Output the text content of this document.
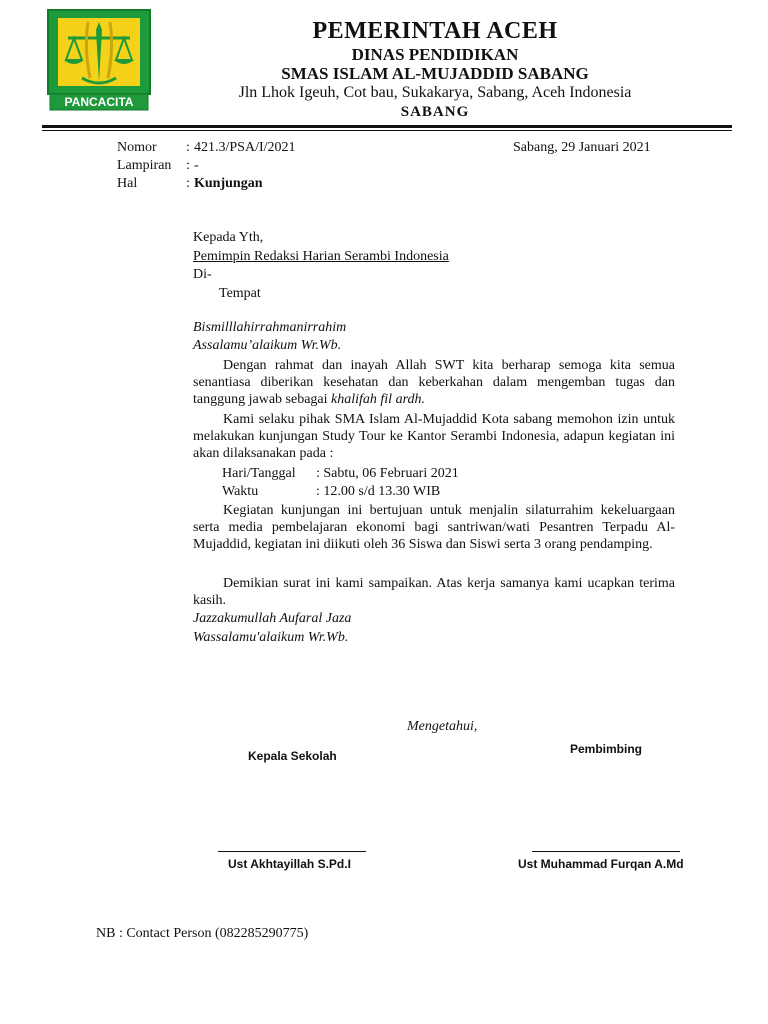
PANCACITA
PEMERINTAH ACEH
DINAS PENDIDIKAN
SMAS ISLAM AL-MUJADDID SABANG
Jln Lhok Igeuh, Cot bau, Sukakarya, Sabang, Aceh Indonesia
SABANG
Nomor : 421.3/PSA/I/2021	Sabang, 29 Januari 2021
Lampiran : -
Hal	: Kunjungan
Kepada Yth,
Pemimpin Redaksi Harian Serambi Indonesia
Di-
Tempat
Bismilllahirrahmanirrahim
Assalamu’alaikum Wr.Wb.
Dengan rahmat dan inayah Allah SWT kita berharap semoga kita semua senantiasa diberikan kesehatan dan keberkahan dalam mengemban tugas dan tanggung jawab sebagai khalifah fil ardh.
Kami selaku pihak SMA Islam Al-Mujaddid Kota sabang memohon izin untuk melakukan kunjungan Study Tour ke Kantor Serambi Indonesia, adapun kegiatan ini akan dilaksanakan pada :
Hari/Tanggal : Sabtu, 06 Februari 2021
Waktu	: 12.00 s/d 13.30 WIB
Kegiatan kunjungan ini bertujuan untuk menjalin silaturrahim kekeluargaan serta media pembelajaran ekonomi bagi santriwan/wati Pesantren Terpadu Al-Mujaddid, kegiatan ini diikuti oleh 36 Siswa dan Siswi serta 3 orang pendamping.
Demikian surat ini kami sampaikan. Atas kerja samanya kami ucapkan terima kasih.
Jazzakumullah Aufaral Jaza
Wassalamu'alaikum Wr.Wb.
Mengetahui,
Kepala Sekolah	Pembimbing
Ust Akhtayillah S.Pd.I	Ust Muhammad Furqan A.Md
NB : Contact Person (082285290775)
